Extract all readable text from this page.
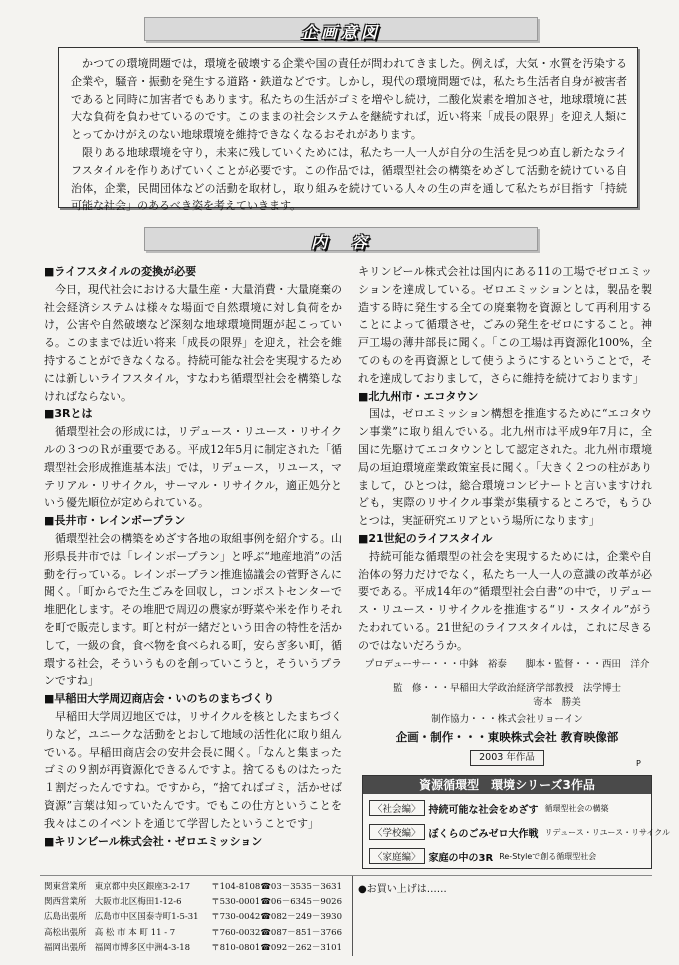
企画意図

かつての環境問題では，環境を破壊する企業や国の責任が問われてきました。例えば，大気・水質を汚染する企業や，騒音・振動を発生する道路・鉄道などです。しかし，現代の環境問題では，私たち生活者自身が被害者であると同時に加害者でもあります。私たちの生活がゴミを増やし続け，二酸化炭素を増加させ，地球環境に甚大な負荷を負わせているのです。このままの社会システムを継続すれば，近い将来「成長の限界」を迎え人類にとってかけがえのない地球環境を維持できなくなるおそれがあります。

限りある地球環境を守り，未来に残していくためには，私たち一人一人が自分の生活を見つめ直し新たなライフスタイルを作りあげていくことが必要です。この作品では，循環型社会の構築をめざして活動を続けている自治体，企業，民間団体などの活動を取材し，取り組みを続けている人々の生の声を通して私たちが目指す「持続可能な社会」のあるべき姿を考えていきます。

内　容
■ライフスタイルの変換が必要

今日，現代社会における大量生産・大量消費・大量廃棄の社会経済システムは様々な場面で自然環境に対し負荷をかけ，公害や自然破壊など深刻な地球環境問題が起こっている。このままでは近い将来「成長の限界」を迎え，社会を維持することができなくなる。持続可能な社会を実現するためには新しいライフスタイル，すなわち循環型社会を構築しなければならない。

■3Rとは

循環型社会の形成には，リデュース・リユース・リサイクルの３つのＲが重要である。平成12年5月に制定された「循環型社会形成推進基本法」では，リデュース，リユース，マテリアル・リサイクル，サーマル・リサイクル，適正処分という優先順位が定められている。

■長井市・レインボープラン

循環型社会の構築をめざす各地の取組事例を紹介する。山形県長井市では「レインボープラン」と呼ぶ“地産地消”の活動を行っている。レインボープラン推進協議会の菅野さんに聞く。「町からでた生ごみを回収し，コンポストセンターで堆肥化します。その堆肥で周辺の農家が野菜や米を作りそれを町で販売します。町と村が一緒だという田舎の特性を活かして，一級の食，食べ物を食べられる町，安らぎ多い町，循環する社会，そういうものを創っていこうと，そういうプランですね」

■早稲田大学周辺商店会・いのちのまちづくり

早稲田大学周辺地区では，リサイクルを核としたまちづくりなど，ユニークな活動をとおして地域の活性化に取り組んでいる。早稲田商店会の安井会長に聞く。「なんと集まったゴミの９割が再資源化できるんですよ。捨てるものはたった１割だったんですね。ですから，“捨てればゴミ，活かせば資源”言葉は知っていたんです。でもこの仕方ということを我々はこのイベントを通じて学習したということです」

■キリンビール株式会社・ゼロエミッション

キリンビール株式会社は国内にある11の工場でゼロエミッションを達成している。ゼロエミッションとは，製品を製造する時に発生する全ての廃棄物を資源として再利用することによって循環させ，ごみの発生をゼロにすること。神戸工場の薄井部長に聞く。「この工場は再資源化100%，全てのものを再資源として使うようにするということで，それを達成しておりまして，さらに維持を続けております」

■北九州市・エコタウン

国は，ゼロエミッション構想を推進するために“エコタウン事業”に取り組んでいる。北九州市は平成9年7月に，全国に先駆けてエコタウンとして認定された。北九州市環境局の垣迫環境産業政策室長に聞く。「大きく２つの柱がありまして，ひとつは，総合環境コンビナートと言いますけれども，実際のリサイクル事業が集積するところで，もうひとつは，実証研究エリアという場所になります」

■21世紀のライフスタイル

持続可能な循環型の社会を実現するためには，企業や自治体の努力だけでなく，私たち一人一人の意識の改革が必要である。平成14年の“循環型社会白書”の中で，リデュース・リユース・リサイクルを推進する“リ・スタイル”がうたわれている。21世紀のライフスタイルは，これに尽きるのではないだろうか。

プロデューサー・・・中鉢　裕泰　　脚本・監督・・・西田　洋介
監　修・・・早稲田大学政治経済学部教授　法学博士
寄本　勝美
制作協力・・・株式会社リョーイン
企画・制作・・・東映株式会社 教育映像部
2003 年作品
P
資源循環型　環境シリーズ3作品
〈社会編〉 持続可能な社会をめざす 循環型社会の構築
〈学校編〉 ぼくらのごみゼロ大作戦 リデュース・リユース・リサイクル
〈家庭編〉 家庭の中の3R Re-Styleで創る循環型社会
関東営業所 東京都中央区銀座3-2-17	〒104-8108 ☎03－3535－3631
関西営業所 大阪市北区梅田1-12-6	〒530-0001 ☎06－6345－9026
広島出張所 広島市中区国泰寺町1-5-31	〒730-0042 ☎082－249－3930
高松出張所 高 松 市 本 町 11 - 7	〒760-0032 ☎087－851－3766
福岡出張所 福岡市博多区中洲4-3-18	〒810-0801 ☎092－262－3101
●お買い上げは……
